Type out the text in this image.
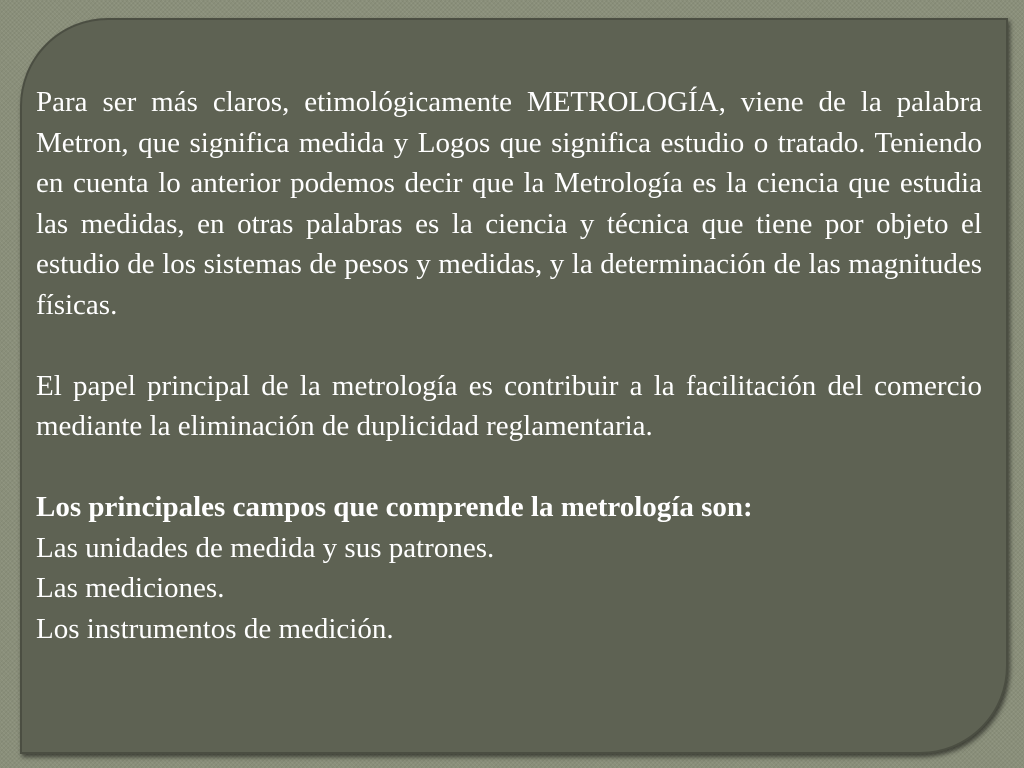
Para ser más claros, etimológicamente METROLOGÍA, viene de la palabra Metron, que significa medida y Logos que significa estudio o tratado. Teniendo en cuenta lo anterior podemos decir que la Metrología es la ciencia que estudia las medidas, en otras palabras es la ciencia y técnica que tiene por objeto el estudio de los sistemas de pesos y medidas, y la determinación de las magnitudes físicas.

El papel principal de la metrología es contribuir a la facilitación del comercio mediante la eliminación de duplicidad reglamentaria.

Los principales campos que comprende la metrología son:

Las unidades de medida y sus patrones.

Las mediciones.

Los instrumentos de medición.
